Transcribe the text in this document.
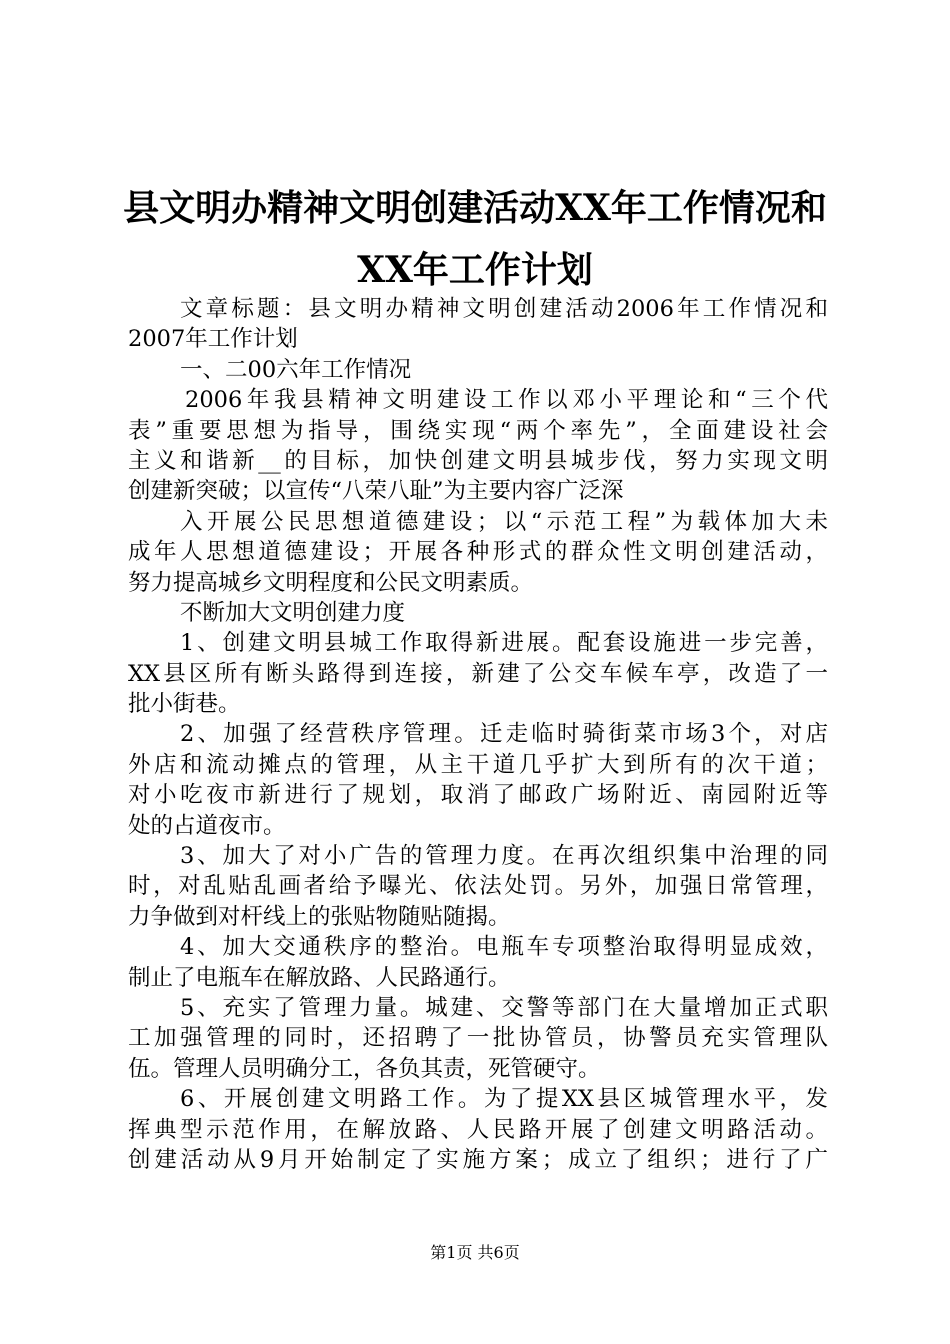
县文明办精神文明创建活动XX年工作情况和
XX年工作计划
文章标题：县文明办精神文明创建活动2006年工作情况和
2007年工作计划
一、二00六年工作情况
2006年我县精神文明建设工作以邓小平理论和“三个代
表”重要思想为指导，围绕实现“两个率先”，全面建设社会
主义和谐新__的目标，加快创建文明县城步伐，努力实现文明
创建新突破；以宣传“八荣八耻”为主要内容广泛深
入开展公民思想道德建设；以“示范工程”为载体加大未
成年人思想道德建设；开展各种形式的群众性文明创建活动，
努力提高城乡文明程度和公民文明素质。
不断加大文明创建力度
1、创建文明县城工作取得新进展。配套设施进一步完善，
XX县区所有断头路得到连接，新建了公交车候车亭，改造了一
批小街巷。
2、加强了经营秩序管理。迁走临时骑街菜市场3个，对店
外店和流动摊点的管理，从主干道几乎扩大到所有的次干道；
对小吃夜市新进行了规划，取消了邮政广场附近、南园附近等
处的占道夜市。
3、加大了对小广告的管理力度。在再次组织集中治理的同
时，对乱贴乱画者给予曝光、依法处罚。另外，加强日常管理，
力争做到对杆线上的张贴物随贴随揭。
4、加大交通秩序的整治。电瓶车专项整治取得明显成效，
制止了电瓶车在解放路、人民路通行。
5、充实了管理力量。城建、交警等部门在大量增加正式职
工加强管理的同时，还招聘了一批协管员，协警员充实管理队
伍。管理人员明确分工，各负其责，死管硬守。
6、开展创建文明路工作。为了提XX县区城管理水平，发
挥典型示范作用，在解放路、人民路开展了创建文明路活动。
创建活动从9月开始制定了实施方案；成立了组织；进行了广
第1页 共6页
